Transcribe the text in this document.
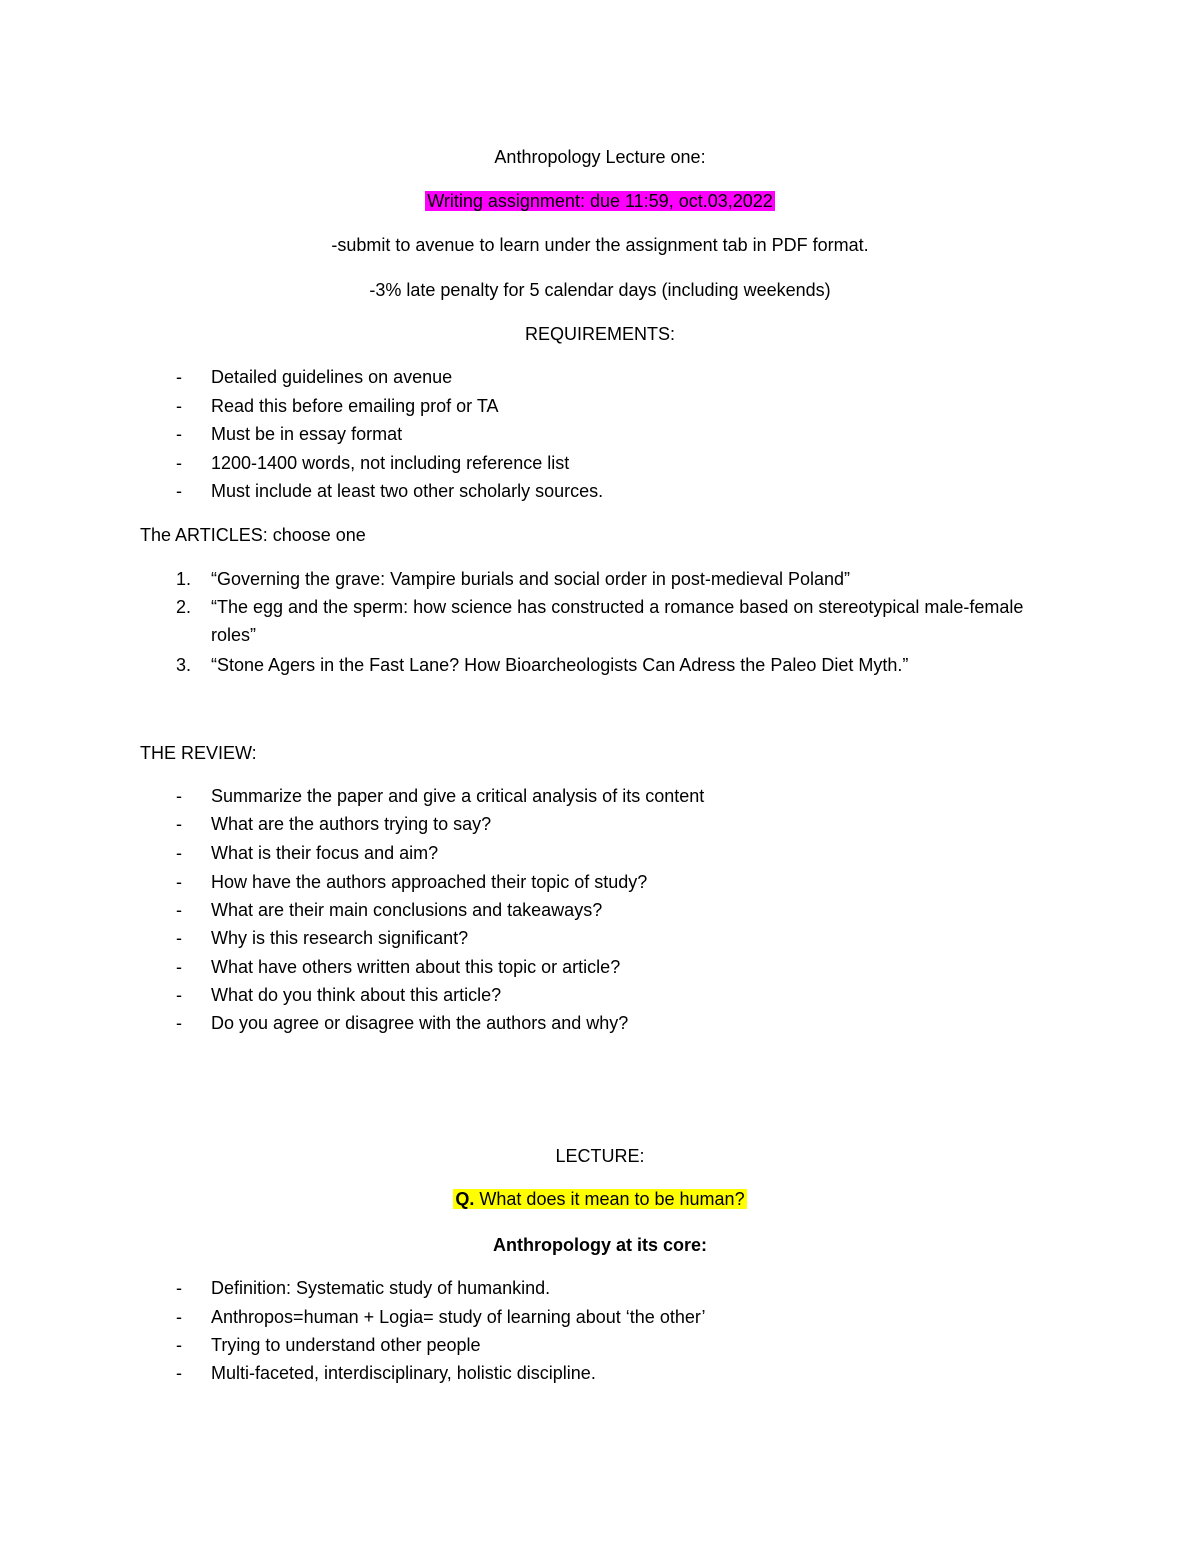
Anthropology Lecture one:

Writing assignment: due 11:59, oct.03,2022

-submit to avenue to learn under the assignment tab in PDF format.

-3% late penalty for 5 calendar days (including weekends)

REQUIREMENTS:

- Detailed guidelines on avenue
- Read this before emailing prof or TA
- Must be in essay format
- 1200-1400 words, not including reference list
- Must include at least two other scholarly sources.

The ARTICLES: choose one

1. “Governing the grave: Vampire burials and social order in post-medieval Poland”
2. “The egg and the sperm: how science has constructed a romance based on stereotypical male-female roles”
3. “Stone Agers in the Fast Lane? How Bioarcheologists Can Adress the Paleo Diet Myth.”

THE REVIEW:

- Summarize the paper and give a critical analysis of its content
- What are the authors trying to say?
- What is their focus and aim?
- How have the authors approached their topic of study?
- What are their main conclusions and takeaways?
- Why is this research significant?
- What have others written about this topic or article?
- What do you think about this article?
- Do you agree or disagree with the authors and why?

LECTURE:

Q. What does it mean to be human?

Anthropology at its core:

- Definition: Systematic study of humankind.
- Anthropos=human + Logia= study of learning about ‘the other’
- Trying to understand other people
- Multi-faceted, interdisciplinary, holistic discipline.
